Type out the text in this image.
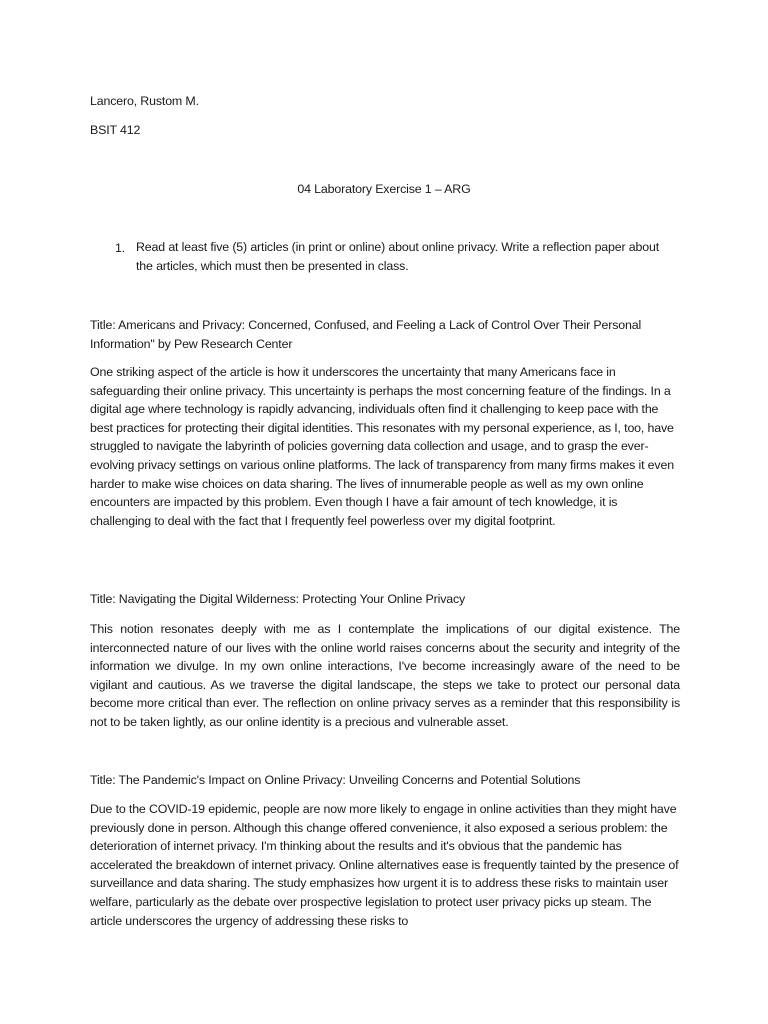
Lancero, Rustom M.
BSIT 412
04 Laboratory Exercise 1 – ARG
1. Read at least five (5) articles (in print or online) about online privacy. Write a reflection paper about the articles, which must then be presented in class.
Title: Americans and Privacy: Concerned, Confused, and Feeling a Lack of Control Over Their Personal Information" by Pew Research Center
One striking aspect of the article is how it underscores the uncertainty that many Americans face in safeguarding their online privacy. This uncertainty is perhaps the most concerning feature of the findings. In a digital age where technology is rapidly advancing, individuals often find it challenging to keep pace with the best practices for protecting their digital identities. This resonates with my personal experience, as I, too, have struggled to navigate the labyrinth of policies governing data collection and usage, and to grasp the ever-evolving privacy settings on various online platforms. The lack of transparency from many firms makes it even harder to make wise choices on data sharing. The lives of innumerable people as well as my own online encounters are impacted by this problem. Even though I have a fair amount of tech knowledge, it is challenging to deal with the fact that I frequently feel powerless over my digital footprint.
Title: Navigating the Digital Wilderness: Protecting Your Online Privacy
This notion resonates deeply with me as I contemplate the implications of our digital existence. The interconnected nature of our lives with the online world raises concerns about the security and integrity of the information we divulge. In my own online interactions, I've become increasingly aware of the need to be vigilant and cautious. As we traverse the digital landscape, the steps we take to protect our personal data become more critical than ever. The reflection on online privacy serves as a reminder that this responsibility is not to be taken lightly, as our online identity is a precious and vulnerable asset.
Title: The Pandemic's Impact on Online Privacy: Unveiling Concerns and Potential Solutions
Due to the COVID-19 epidemic, people are now more likely to engage in online activities than they might have previously done in person. Although this change offered convenience, it also exposed a serious problem: the deterioration of internet privacy. I'm thinking about the results and it's obvious that the pandemic has accelerated the breakdown of internet privacy. Online alternatives ease is frequently tainted by the presence of surveillance and data sharing. The study emphasizes how urgent it is to address these risks to maintain user welfare, particularly as the debate over prospective legislation to protect user privacy picks up steam. The article underscores the urgency of addressing these risks to
